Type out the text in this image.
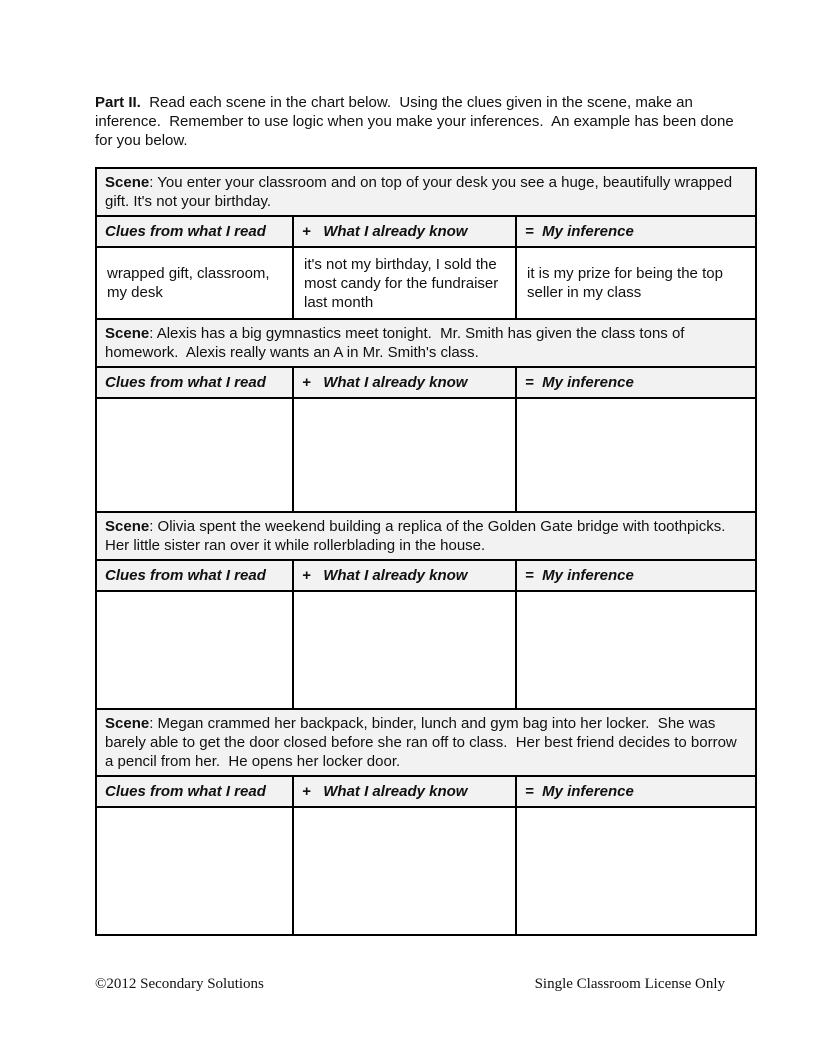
Part II.  Read each scene in the chart below.  Using the clues given in the scene, make an inference.  Remember to use logic when you make your inferences.  An example has been done for you below.

Scene: You enter your classroom and on top of your desk you see a huge, beautifully wrapped gift. It's not your birthday.		
Clues from what I read	+   What I already know	=  My inference
wrapped gift, classroom, my desk	it's not my birthday, I sold the most candy for the fundraiser last month	it is my prize for being the top seller in my class
Scene: Alexis has a big gymnastics meet tonight.  Mr. Smith has given the class tons of homework.  Alexis really wants an A in Mr. Smith's class.		
Clues from what I read	+   What I already know	=  My inference

Scene: Olivia spent the weekend building a replica of the Golden Gate bridge with toothpicks.  Her little sister ran over it while rollerblading in the house.		
Clues from what I read	+   What I already know	=  My inference

Scene: Megan crammed her backpack, binder, lunch and gym bag into her locker.  She was barely able to get the door closed before she ran off to class.  Her best friend decides to borrow a pencil from her.  He opens her locker door.		
Clues from what I read	+   What I already know	=  My inference

©2012 Secondary Solutions	Single Classroom License Only
